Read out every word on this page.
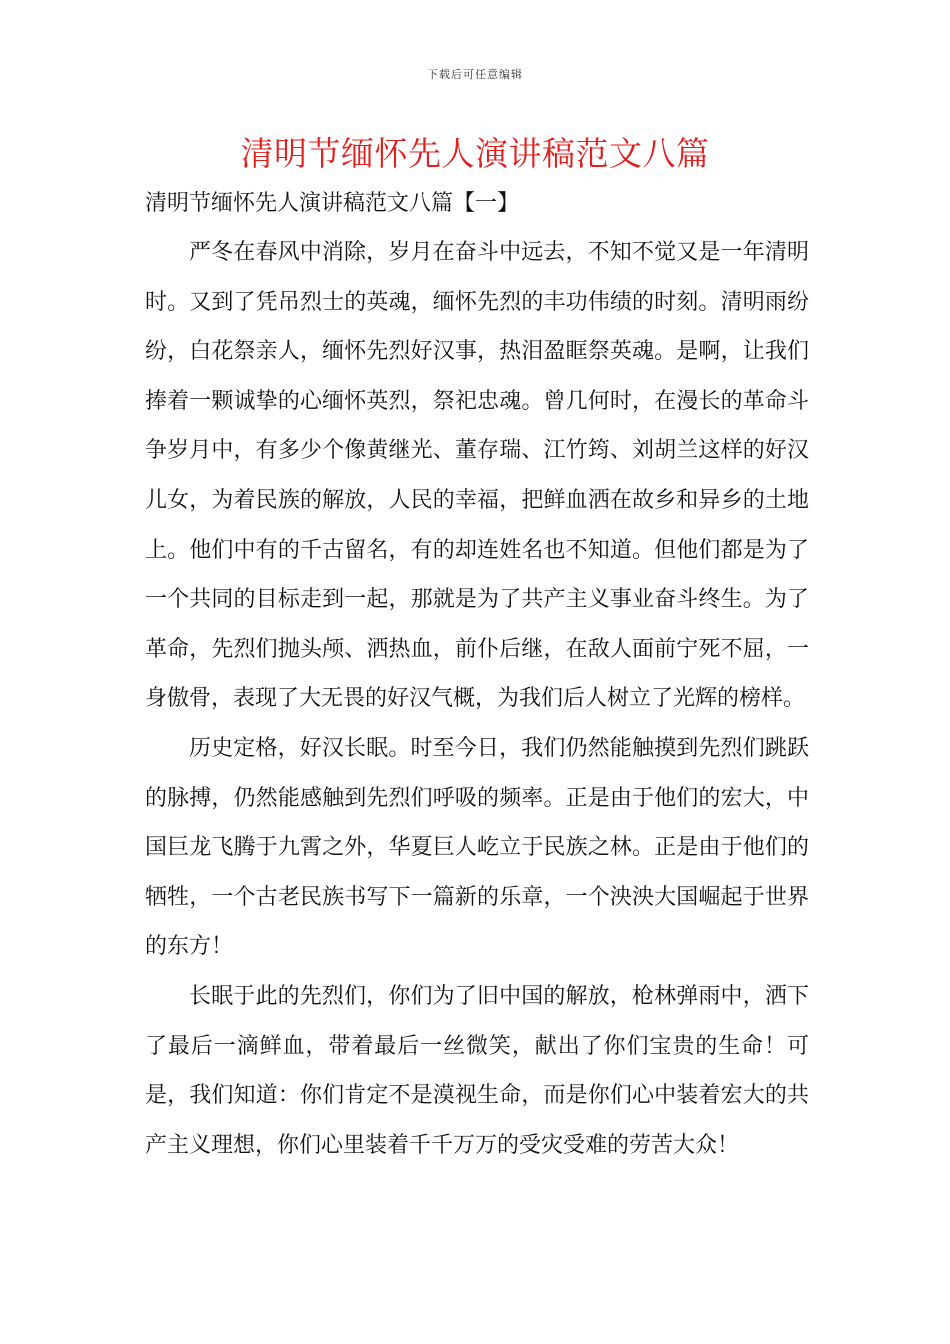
下载后可任意编辑
清明节缅怀先人演讲稿范文八篇
清明节缅怀先人演讲稿范文八篇【一】

严冬在春风中消除，岁月在奋斗中远去，不知不觉又是一年清明时。又到了凭吊烈士的英魂，缅怀先烈的丰功伟绩的时刻。清明雨纷纷，白花祭亲人，缅怀先烈好汉事，热泪盈眶祭英魂。是啊，让我们捧着一颗诚挚的心缅怀英烈，祭祀忠魂。曾几何时，在漫长的革命斗争岁月中，有多少个像黄继光、董存瑞、江竹筠、刘胡兰这样的好汉儿女，为着民族的解放，人民的幸福，把鲜血洒在故乡和异乡的土地上。他们中有的千古留名，有的却连姓名也不知道。但他们都是为了一个共同的目标走到一起，那就是为了共产主义事业奋斗终生。为了革命，先烈们抛头颅、洒热血，前仆后继，在敌人面前宁死不屈，一身傲骨，表现了大无畏的好汉气概，为我们后人树立了光辉的榜样。

历史定格，好汉长眠。时至今日，我们仍然能触摸到先烈们跳跃的脉搏，仍然能感触到先烈们呼吸的频率。正是由于他们的宏大，中国巨龙飞腾于九霄之外，华夏巨人屹立于民族之林。正是由于他们的牺牲，一个古老民族书写下一篇新的乐章，一个泱泱大国崛起于世界的东方！

长眠于此的先烈们，你们为了旧中国的解放，枪林弹雨中，洒下了最后一滴鲜血，带着最后一丝微笑，献出了你们宝贵的生命！可是，我们知道：你们肯定不是漠视生命，而是你们心中装着宏大的共产主义理想，你们心里装着千千万万的受灾受难的劳苦大众！
